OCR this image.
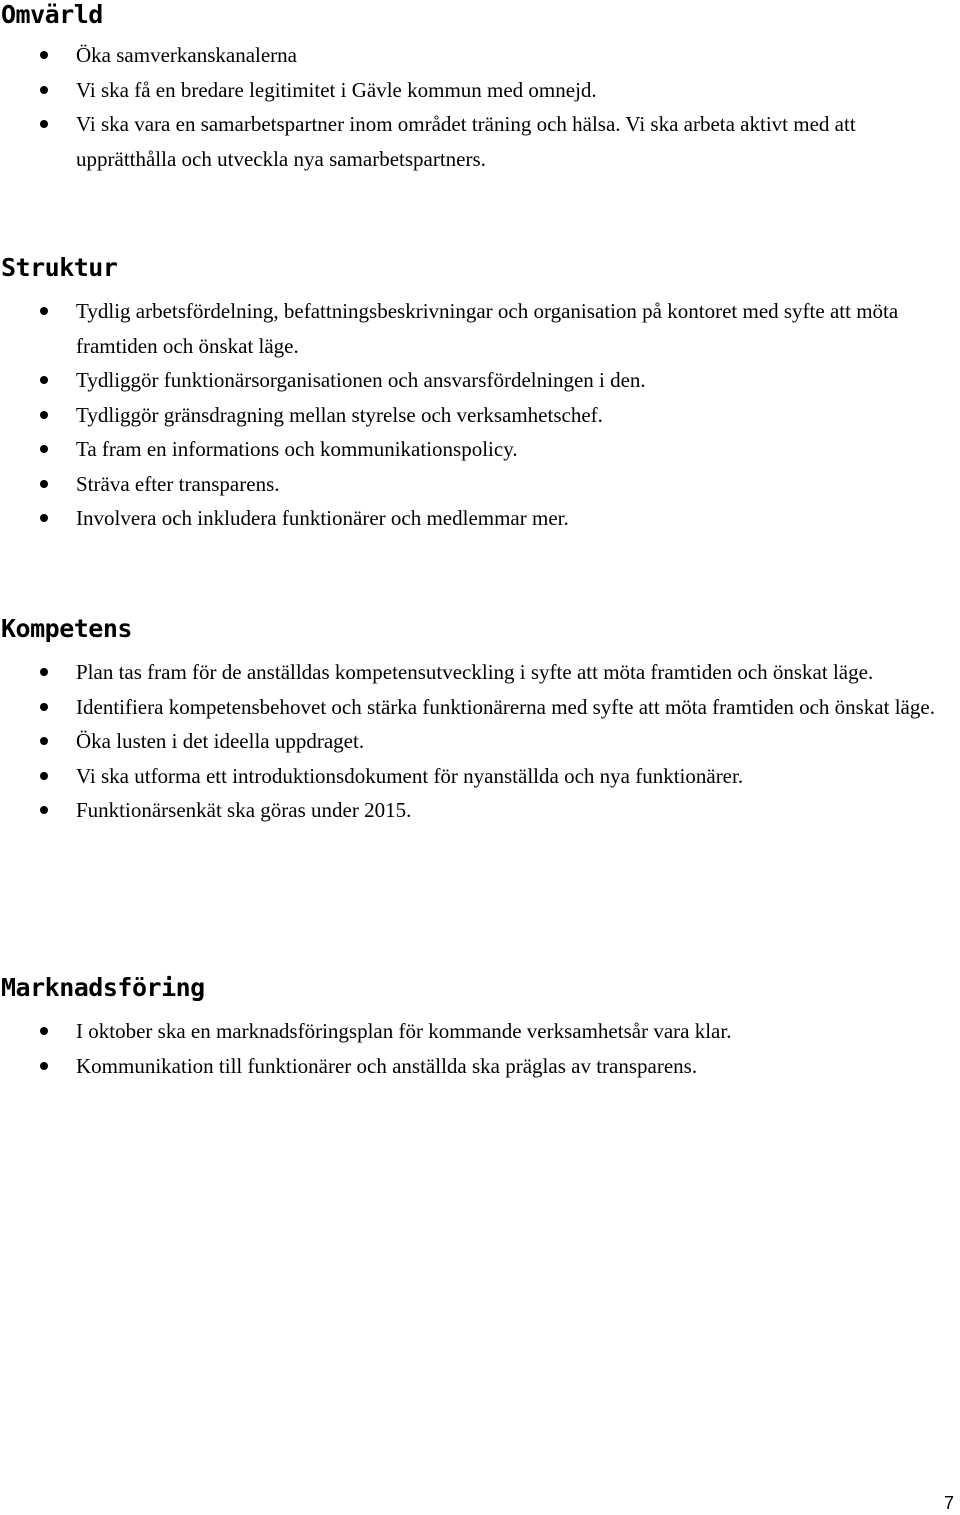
Omvärld
Öka samverkanskanalerna
Vi ska få en bredare legitimitet i Gävle kommun med omnejd.
Vi ska vara en samarbetspartner inom området träning och hälsa. Vi ska arbeta aktivt med att upprätthålla och utveckla nya samarbetspartners.
Struktur
Tydlig arbetsfördelning, befattningsbeskrivningar och organisation på kontoret med syfte att möta framtiden och önskat läge.
Tydliggör funktionärsorganisationen och ansvarsfördelningen i den.
Tydliggör gränsdragning mellan styrelse och verksamhetschef.
Ta fram en informations och kommunikationspolicy.
Sträva efter transparens.
Involvera och inkludera funktionärer och medlemmar mer.
Kompetens
Plan tas fram för de anställdas kompetensutveckling i syfte att möta framtiden och önskat läge.
Identifiera kompetensbehovet och stärka funktionärerna med syfte att möta framtiden och önskat läge.
Öka lusten i det ideella uppdraget.
Vi ska utforma ett introduktionsdokument för nyanställda och nya funktionärer.
Funktionärsenkät ska göras under 2015.
Marknadsföring
I oktober ska en marknadsföringsplan för kommande verksamhetsår vara klar.
Kommunikation till funktionärer och anställda ska präglas av transparens.
7
